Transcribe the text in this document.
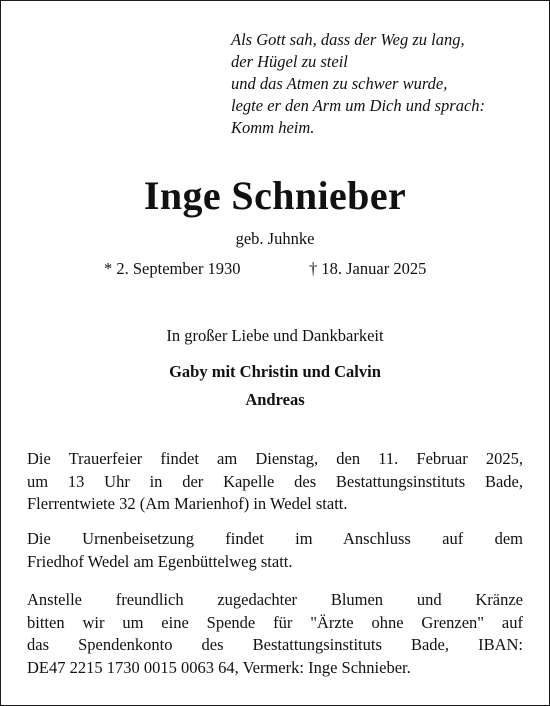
Als Gott sah, dass der Weg zu lang,
der Hügel zu steil
und das Atmen zu schwer wurde,
legte er den Arm um Dich und sprach:
Komm heim.
Inge Schnieber
geb. Juhnke
* 2. September 1930	† 18. Januar 2025
In großer Liebe und Dankbarkeit
Gaby mit Christin und Calvin
Andreas
Die Trauerfeier findet am Dienstag, den 11. Februar 2025,
um 13 Uhr in der Kapelle des Bestattungsinstituts Bade,
Flerrentwiete 32 (Am Marienhof) in Wedel statt.
Die Urnenbeisetzung findet im Anschluss auf dem
Friedhof Wedel am Egenbüttelweg statt.
Anstelle freundlich zugedachter Blumen und Kränze
bitten wir um eine Spende für "Ärzte ohne Grenzen" auf
das Spendenkonto des Bestattungsinstituts Bade, IBAN:
DE47 2215 1730 0015 0063 64, Vermerk: Inge Schnieber.
